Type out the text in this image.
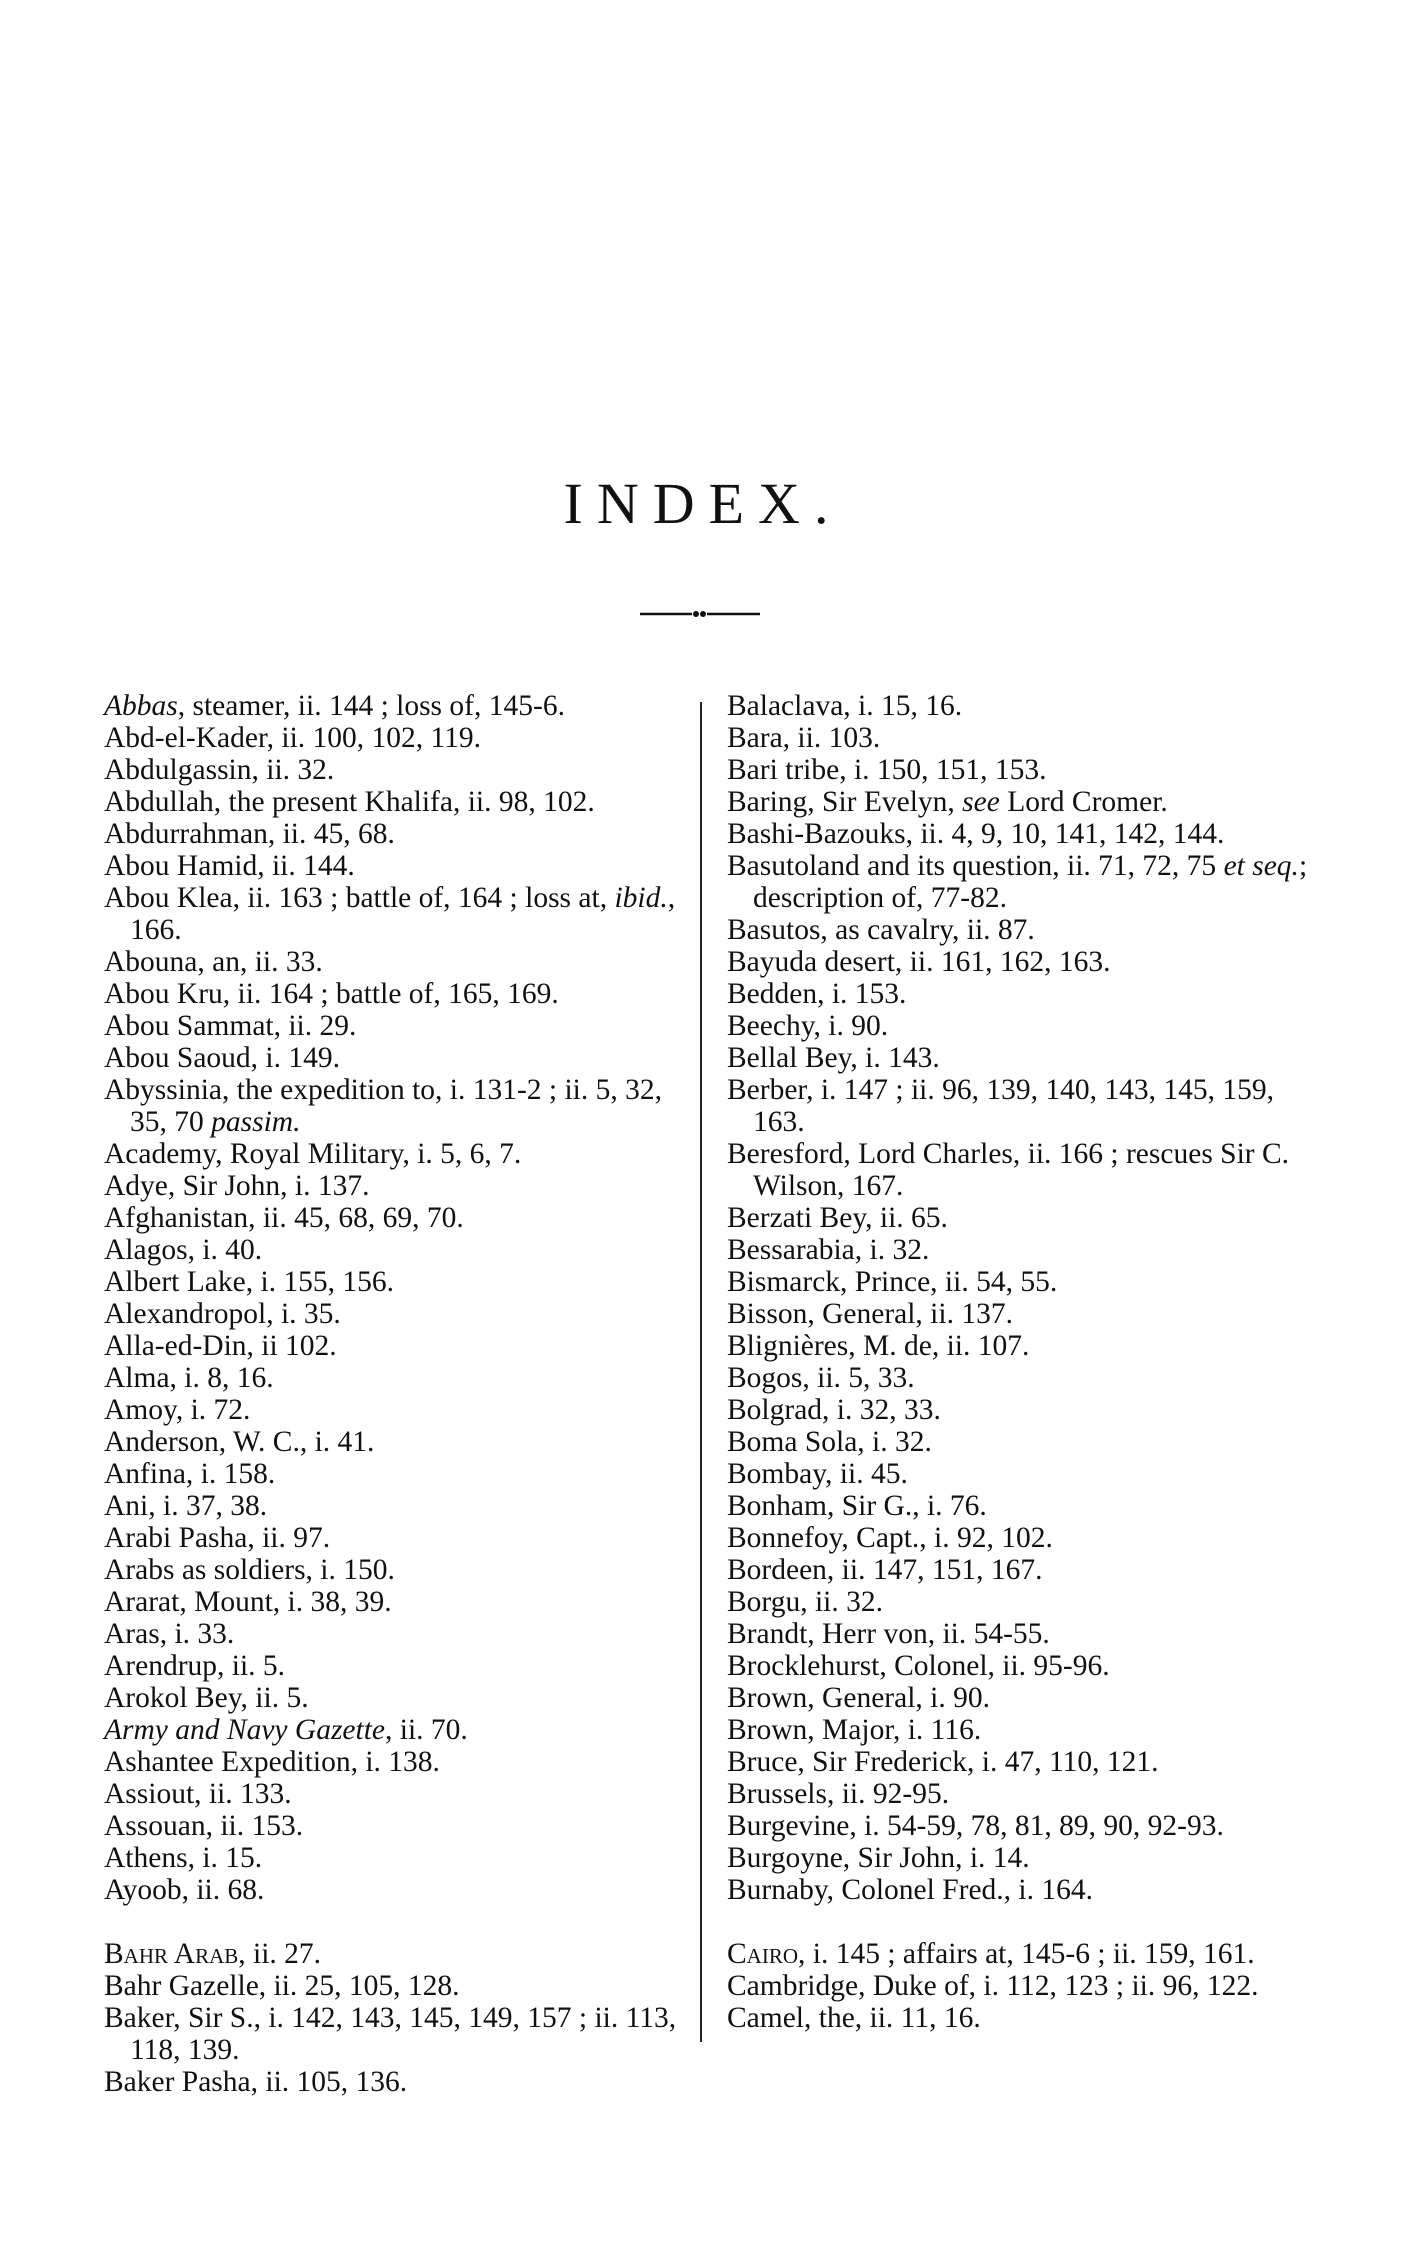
INDEX.

Abbas, steamer, ii. 144 ; loss of, 145-6.

Abd-el-Kader, ii. 100, 102, 119.

Abdulgassin, ii. 32.

Abdullah, the present Khalifa, ii. 98, 102.

Abdurrahman, ii. 45, 68.

Abou Hamid, ii. 144.

Abou Klea, ii. 163 ; battle of, 164 ; loss at, ibid., 166.

Abouna, an, ii. 33.

Abou Kru, ii. 164 ; battle of, 165, 169.

Abou Sammat, ii. 29.

Abou Saoud, i. 149.

Abyssinia, the expedition to, i. 131-2 ; ii. 5, 32, 35, 70 passim.

Academy, Royal Military, i. 5, 6, 7.

Adye, Sir John, i. 137.

Afghanistan, ii. 45, 68, 69, 70.

Alagos, i. 40.

Albert Lake, i. 155, 156.

Alexandropol, i. 35.

Alla-ed-Din, ii 102.

Alma, i. 8, 16.

Amoy, i. 72.

Anderson, W. C., i. 41.

Anfina, i. 158.

Ani, i. 37, 38.

Arabi Pasha, ii. 97.

Arabs as soldiers, i. 150.

Ararat, Mount, i. 38, 39.

Aras, i. 33.

Arendrup, ii. 5.

Arokol Bey, ii. 5.

Army and Navy Gazette, ii. 70.

Ashantee Expedition, i. 138.

Assiout, ii. 133.

Assouan, ii. 153.

Athens, i. 15.

Ayoob, ii. 68.

Bahr Arab, ii. 27.

Bahr Gazelle, ii. 25, 105, 128.

Baker, Sir S., i. 142, 143, 145, 149, 157 ; ii. 113, 118, 139.

Baker Pasha, ii. 105, 136.

Balaclava, i. 15, 16.

Bara, ii. 103.

Bari tribe, i. 150, 151, 153.

Baring, Sir Evelyn, see Lord Cromer.

Bashi-Bazouks, ii. 4, 9, 10, 141, 142, 144.

Basutoland and its question, ii. 71, 72, 75 et seq.; description of, 77-82.

Basutos, as cavalry, ii. 87.

Bayuda desert, ii. 161, 162, 163.

Bedden, i. 153.

Beechy, i. 90.

Bellal Bey, i. 143.

Berber, i. 147 ; ii. 96, 139, 140, 143, 145, 159, 163.

Beresford, Lord Charles, ii. 166 ; rescues Sir C. Wilson, 167.

Berzati Bey, ii. 65.

Bessarabia, i. 32.

Bismarck, Prince, ii. 54, 55.

Bisson, General, ii. 137.

Blignières, M. de, ii. 107.

Bogos, ii. 5, 33.

Bolgrad, i. 32, 33.

Boma Sola, i. 32.

Bombay, ii. 45.

Bonham, Sir G., i. 76.

Bonnefoy, Capt., i. 92, 102.

Bordeen, ii. 147, 151, 167.

Borgu, ii. 32.

Brandt, Herr von, ii. 54-55.

Brocklehurst, Colonel, ii. 95-96.

Brown, General, i. 90.

Brown, Major, i. 116.

Bruce, Sir Frederick, i. 47, 110, 121.

Brussels, ii. 92-95.

Burgevine, i. 54-59, 78, 81, 89, 90, 92-93.

Burgoyne, Sir John, i. 14.

Burnaby, Colonel Fred., i. 164.

Cairo, i. 145 ; affairs at, 145-6 ; ii. 159, 161.

Cambridge, Duke of, i. 112, 123 ; ii. 96, 122.

Camel, the, ii. 11, 16.
